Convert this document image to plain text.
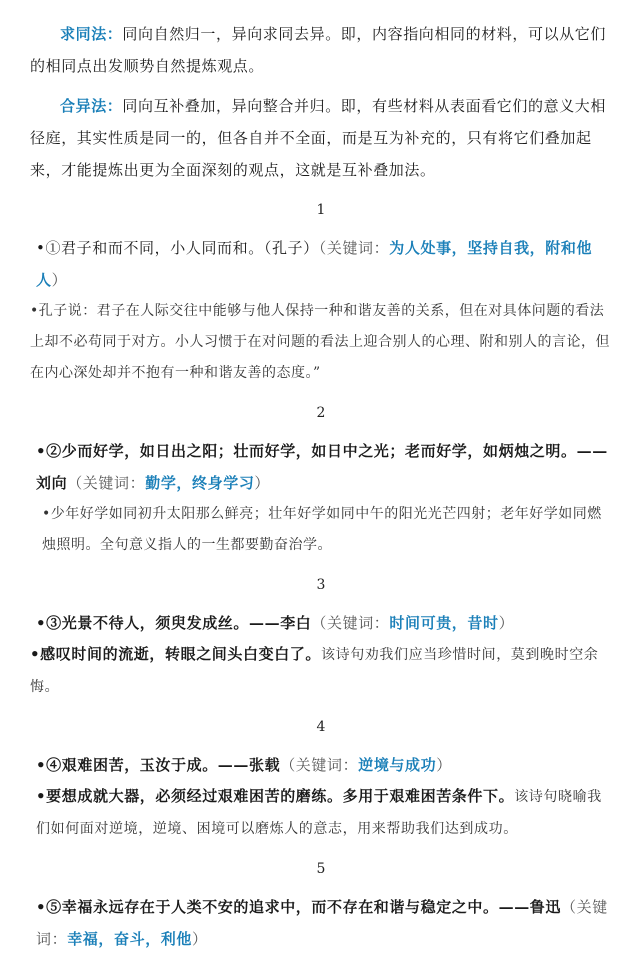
求同法：同向自然归一，异向求同去异。即，内容指向相同的材料，可以从它们的相同点出发顺势自然提炼观点。

合异法：同向互补叠加，异向整合并归。即，有些材料从表面看它们的意义大相径庭，其实性质是同一的，但各自并不全面，而是互为补充的，只有将它们叠加起来，才能提炼出更为全面深刻的观点，这就是互补叠加法。

1

•①君子和而不同，小人同而和。（孔子）（关键词：为人处事，坚持自我，附和他人）

•孔子说：君子在人际交往中能够与他人保持一种和谐友善的关系，但在对具体问题的看法上却不必苟同于对方。小人习惯于在对问题的看法上迎合别人的心理、附和别人的言论，但在内心深处却并不抱有一种和谐友善的态度。”

2

•②少而好学，如日出之阳；壮而好学，如日中之光；老而好学，如炳烛之明。——刘向（关键词：勤学，终身学习）

•少年好学如同初升太阳那么鲜亮；壮年好学如同中午的阳光光芒四射；老年好学如同燃烛照明。全句意义指人的一生都要勤奋治学。

3

•③光景不待人，须臾发成丝。——李白（关键词：时间可贵，昔时）

•感叹时间的流逝，转眼之间头白变白了。该诗句劝我们应当珍惜时间，莫到晚时空余悔。

4

•④艰难困苦，玉汝于成。——张载（关键词：逆境与成功）

•要想成就大器，必须经过艰难困苦的磨练。多用于艰难困苦条件下。该诗句晓喻我们如何面对逆境，逆境、困境可以磨炼人的意志，用来帮助我们达到成功。

5

•⑤幸福永远存在于人类不安的追求中，而不存在和谐与稳定之中。——鲁迅（关键词：幸福，奋斗，利他）
